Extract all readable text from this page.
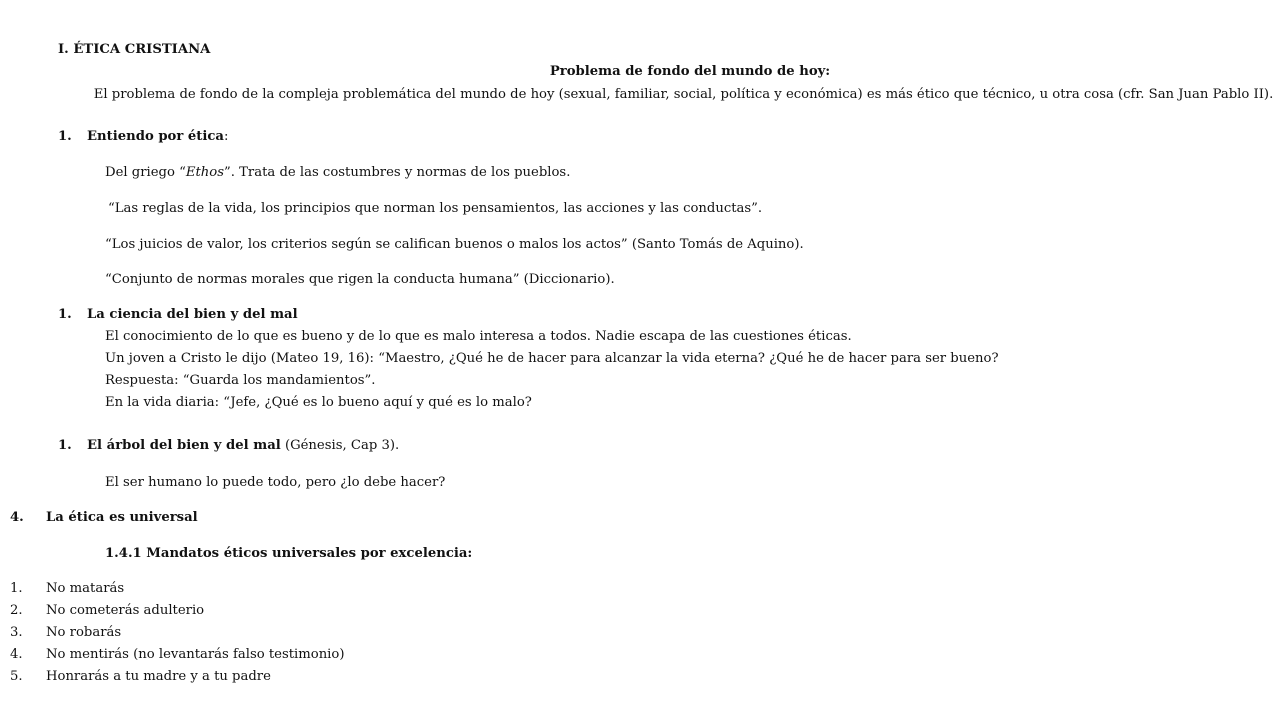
I. ÉTICA CRISTIANA
Problema de fondo del mundo de hoy:
El problema de fondo de la compleja problemática del mundo de hoy (sexual, familiar, social, política y económica) es más ético que técnico, u otra cosa (cfr. San Juan Pablo II).
1. Entiendo por ética:
Del griego “Ethos”. Trata de las costumbres y normas de los pueblos.
“Las reglas de la vida, los principios que norman los pensamientos, las acciones y las conductas”.
“Los juicios de valor, los criterios según se califican buenos o malos los actos” (Santo Tomás de Aquino).
“Conjunto de normas morales que rigen la conducta humana” (Diccionario).
1. La ciencia del bien y del mal
El conocimiento de lo que es bueno y de lo que es malo interesa a todos. Nadie escapa de las cuestiones éticas.
Un joven a Cristo le dijo (Mateo 19, 16): “Maestro, ¿Qué he de hacer para alcanzar la vida eterna? ¿Qué he de hacer para ser bueno?
Respuesta: “Guarda los mandamientos”.
En la vida diaria: “Jefe, ¿Qué es lo bueno aquí y qué es lo malo?
1. El árbol del bien y del mal (Génesis, Cap 3).
El ser humano lo puede todo, pero ¿lo debe hacer?
4. La ética es universal
1.4.1 Mandatos éticos universales por excelencia:
1. No matarás
2. No cometerás adulterio
3. No robarás
4. No mentirás (no levantarás falso testimonio)
5. Honrarás a tu madre y a tu padre
